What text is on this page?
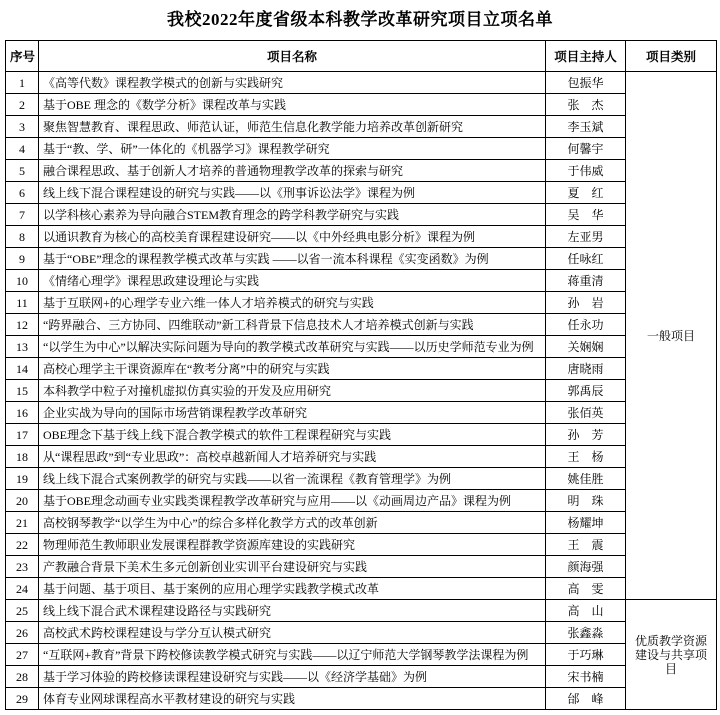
我校2022年度省级本科教学改革研究项目立项名单
序号	项目名称	项目主持人	项目类别
1	《高等代数》课程教学模式的创新与实践研究	包振华	一般项目
2	基于OBE 理念的《数学分析》课程改革与实践	张　杰	
3	聚焦智慧教育、课程思政、师范认证，师范生信息化教学能力培养改革创新研究	李玉斌	
4	基于“教、学、研”一体化的《机器学习》课程教学研究	何馨宇	
5	融合课程思政、基于创新人才培养的普通物理教学改革的探索与研究	于伟威	
6	线上线下混合课程建设的研究与实践——以《刑事诉讼法学》课程为例	夏　红	
7	以学科核心素养为导向融合STEM教育理念的跨学科教学研究与实践	吴　华	
8	以通识教育为核心的高校美育课程建设研究——以《中外经典电影分析》课程为例	左亚男	
9	基于“OBE”理念的课程教学模式改革与实践 ——以省一流本科课程《实变函数》为例	任咏红	
10	《情绪心理学》课程思政建设理论与实践	蒋重清	
11	基于互联网+的心理学专业六维一体人才培养模式的研究与实践	孙　岩	
12	“跨界融合、三方协同、四维联动”新工科背景下信息技术人才培养模式创新与实践	任永功	
13	“以学生为中心”以解决实际问题为导向的教学模式改革研究与实践——以历史学师范专业为例	关娴娴	
14	高校心理学主干课资源库在“教考分离”中的研究与实践	唐晓雨	
15	本科教学中粒子对撞机虚拟仿真实验的开发及应用研究	郭禹辰	
16	企业实战为导向的国际市场营销课程教学改革研究	张佰英	
17	OBE理念下基于线上线下混合教学模式的软件工程课程研究与实践	孙　芳	
18	从“课程思政”到“专业思政”：高校卓越新闻人才培养研究与实践	王　杨	
19	线上线下混合式案例教学的研究与实践——以省一流课程《教育管理学》为例	姚佳胜	
20	基于OBE理念动画专业实践类课程教学改革研究与应用——以《动画周边产品》课程为例	明　珠	
21	高校钢琴教学“以学生为中心”的综合多样化教学方式的改革创新	杨耀坤	
22	物理师范生教师职业发展课程群教学资源库建设的实践研究	王　震	
23	产教融合背景下美术生多元创新创业实训平台建设研究与实践	颜海强	
24	基于问题、基于项目、基于案例的应用心理学实践教学模式改革	高　雯	
25	线上线下混合武术课程建设路径与实践研究	高　山	优质教学资源建设与共享项目
26	高校武术跨校课程建设与学分互认模式研究	张鑫淼	
27	“互联网+教育”背景下跨校修读教学模式研究与实践——以辽宁师范大学钢琴教学法课程为例	于巧琳	
28	基于学习体验的跨校修读课程建设研究与实践——以《经济学基础》为例	宋书楠	
29	体育专业网球课程高水平教材建设的研究与实践	邰　峰	
